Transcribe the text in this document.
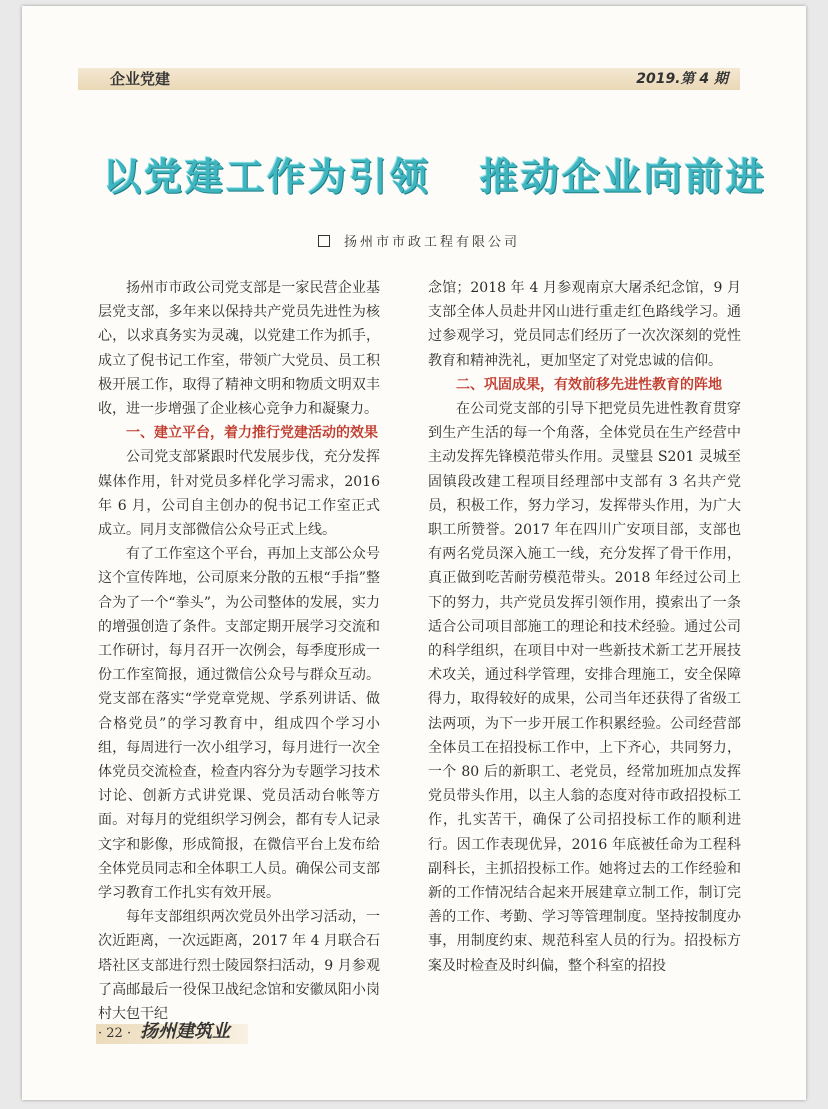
企业党建	2019.第 4 期
以党建工作为引领   推动企业向前进
扬州市市政工程有限公司

扬州市市政公司党支部是一家民营企业基层党支部，多年来以保持共产党员先进性为核心，以求真务实为灵魂，以党建工作为抓手，成立了倪书记工作室，带领广大党员、员工积极开展工作，取得了精神文明和物质文明双丰收，进一步增强了企业核心竞争力和凝聚力。

一、建立平台，着力推行党建活动的效果

公司党支部紧跟时代发展步伐，充分发挥媒体作用，针对党员多样化学习需求，2016 年 6 月，公司自主创办的倪书记工作室正式成立。同月支部微信公众号正式上线。

有了工作室这个平台，再加上支部公众号这个宣传阵地，公司原来分散的五根“手指”整合为了一个“拳头”，为公司整体的发展，实力的增强创造了条件。支部定期开展学习交流和工作研讨，每月召开一次例会，每季度形成一份工作室简报，通过微信公众号与群众互动。党支部在落实“学党章党规、学系列讲话、做合格党员”的学习教育中，组成四个学习小组，每周进行一次小组学习，每月进行一次全体党员交流检查，检查内容分为专题学习技术讨论、创新方式讲党课、党员活动台帐等方面。对每月的党组织学习例会，都有专人记录文字和影像，形成简报，在微信平台上发布给全体党员同志和全体职工人员。确保公司支部学习教育工作扎实有效开展。

每年支部组织两次党员外出学习活动，一次近距离，一次远距离，2017 年 4 月联合石塔社区支部进行烈士陵园祭扫活动，9 月参观了高邮最后一役保卫战纪念馆和安徽凤阳小岗村大包干纪

念馆；2018 年 4 月参观南京大屠杀纪念馆，9 月支部全体人员赴井冈山进行重走红色路线学习。通过参观学习，党员同志们经历了一次次深刻的党性教育和精神洗礼，更加坚定了对党忠诚的信仰。

二、巩固成果，有效前移先进性教育的阵地

在公司党支部的引导下把党员先进性教育贯穿到生产生活的每一个角落，全体党员在生产经营中主动发挥先锋模范带头作用。灵璧县 S201 灵城至固镇段改建工程项目经理部中支部有 3 名共产党员，积极工作，努力学习，发挥带头作用，为广大职工所赞誉。2017 年在四川广安项目部，支部也有两名党员深入施工一线，充分发挥了骨干作用，真正做到吃苦耐劳模范带头。2018 年经过公司上下的努力，共产党员发挥引领作用，摸索出了一条适合公司项目部施工的理论和技术经验。通过公司的科学组织，在项目中对一些新技术新工艺开展技术攻关，通过科学管理，安排合理施工，安全保障得力，取得较好的成果，公司当年还获得了省级工法两项，为下一步开展工作积累经验。公司经营部全体员工在招投标工作中，上下齐心，共同努力，一个 80 后的新职工、老党员，经常加班加点发挥党员带头作用，以主人翁的态度对待市政招投标工作，扎实苦干，确保了公司招投标工作的顺利进行。因工作表现优异，2016 年底被任命为工程科副科长，主抓招投标工作。她将过去的工作经验和新的工作情况结合起来开展建章立制工作，制订完善的工作、考勤、学习等管理制度。坚持按制度办事，用制度约束、规范科室人员的行为。招投标方案及时检查及时纠偏，整个科室的招投

· 22 · 扬州建筑业
